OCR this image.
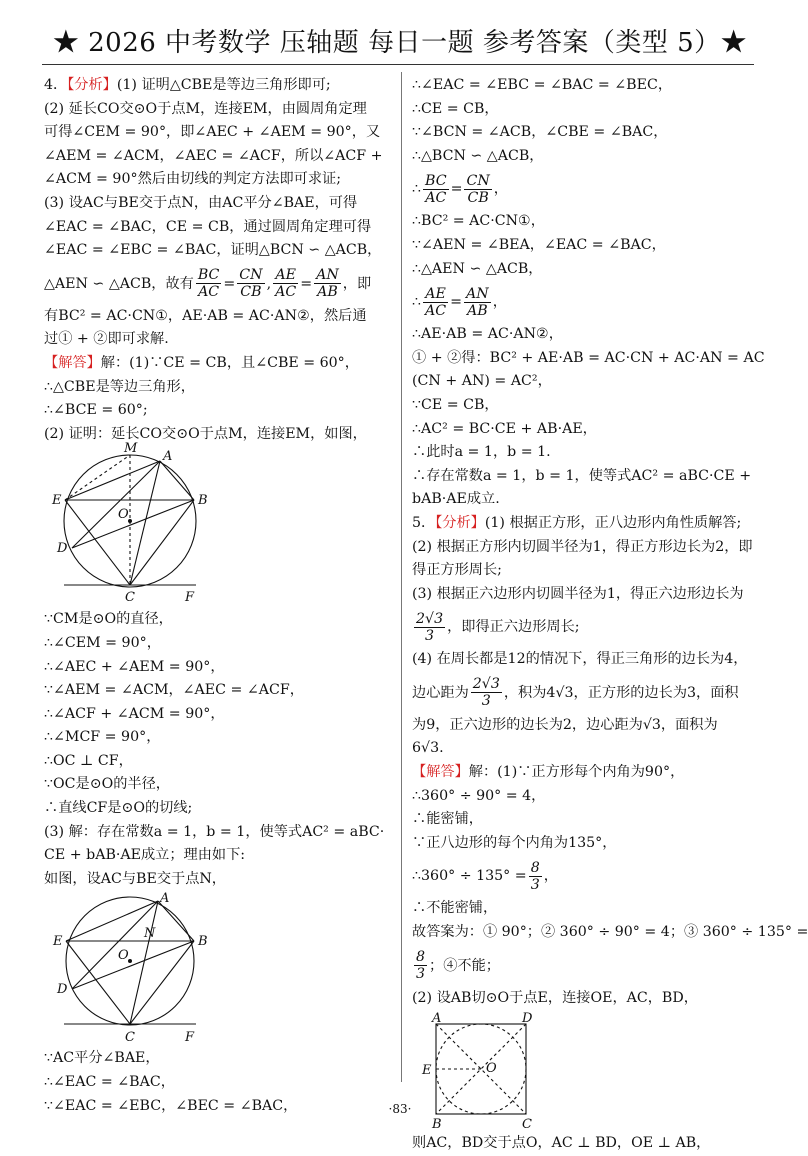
★ 2026 中考数学 压轴题 每日一题 参考答案（类型 5）★
4．【分析】(1) 证明△CBE是等边三角形即可;
(2) 延长CO交⊙O于点M，连接EM，由圆周角定理
可得∠CEM = 90°，即∠AEC + ∠AEM = 90°，又
∠AEM = ∠ACM，∠AEC = ∠ACF，所以∠ACF +
∠ACM = 90°然后由切线的判定方法即可求证;
(3) 设AC与BE交于点N，由AC平分∠BAE，可得
∠EAC = ∠BAC，CE = CB，通过圆周角定理可得
∠EAC = ∠EBC = ∠BAC，证明△BCN ∽ △ACB，
△AEN ∽ △ACB，故有 $\frac{BC}{AC} = \frac{CN}{CB}$ , $\frac{AE}{AC} = \frac{AN}{AB}$ ，即
有BC² = AC·CN①，AE·AB = AC·AN②，然后通
过① + ②即可求解.
【解答】解：(1)∵CE = CB，且∠CBE = 60°，
∴△CBE是等边三角形，
∴∠BCE = 60°;
(2) 证明：延长CO交⊙O于点M，连接EM，如图，
M
A
E	B
O
D
C	F
∵CM是⊙O的直径，
∴∠CEM = 90°，
∴∠AEC + ∠AEM = 90°，
∵∠AEM = ∠ACM，∠AEC = ∠ACF，
∴∠ACF + ∠ACM = 90°，
∴∠MCF = 90°，
∴OC ⊥ CF，
∵OC是⊙O的半径，
∴直线CF是⊙O的切线;
(3) 解：存在常数a = 1，b = 1，使等式AC² = aBC·
CE + bAB·AE成立；理由如下:
如图，设AC与BE交于点N，
A
N
E	B
O
D
C	F
∵AC平分∠BAE，
∴∠EAC = ∠BAC，
∵∠EAC = ∠EBC，∠BEC = ∠BAC，
∴∠EAC = ∠EBC = ∠BAC = ∠BEC，
∴CE = CB，
∵∠BCN = ∠ACB，∠CBE = ∠BAC，
∴△BCN ∽ △ACB，
∴ $\frac{BC}{AC} = \frac{CN}{CB}$ ，
∴BC² = AC·CN①，
∵∠AEN = ∠BEA，∠EAC = ∠BAC，
∴△AEN ∽ △ACB，
∴ $\frac{AE}{AC} = \frac{AN}{AB}$ ，
∴AE·AB = AC·AN②，
① + ②得：BC² + AE·AB = AC·CN + AC·AN = AC
(CN + AN) = AC²，
∵CE = CB，
∴AC² = BC·CE + AB·AE，
∴此时a = 1，b = 1.
∴存在常数a = 1，b = 1，使等式AC² = aBC·CE +
bAB·AE成立.
5．【分析】(1) 根据正方形，正八边形内角性质解答;
(2) 根据正方形内切圆半径为1，得正方形边长为2，即
得正方形周长;
(3) 根据正六边形内切圆半径为1，得正六边形边长为
$\frac{2√3}{3}$ ，即得正六边形周长;
(4) 在周长都是12的情况下，得正三角形的边长为4，
边心距为 $\frac{2√3}{3}$ ，积为4√3，正方形的边长为3，面积
为9，正六边形的边长为2，边心距为√3，面积为
6√3.
【解答】解：(1)∵正方形每个内角为90°，
∴360° ÷ 90° = 4，
∴能密铺，
∵正八边形的每个内角为135°，
∴360° ÷ $135^\circ = \frac{8}{3}$ ，
∴不能密铺，
故答案为：① 90°；② 360° ÷ 90° = 4；③ 360° ÷ 135° =
$\frac{8}{3}$ ；④不能；
(2) 设AB切⊙O于点E，连接OE，AC，BD，
A	D
E	O
B	C
则AC，BD交于点O，AC ⊥ BD，OE ⊥ AB，
·83·
